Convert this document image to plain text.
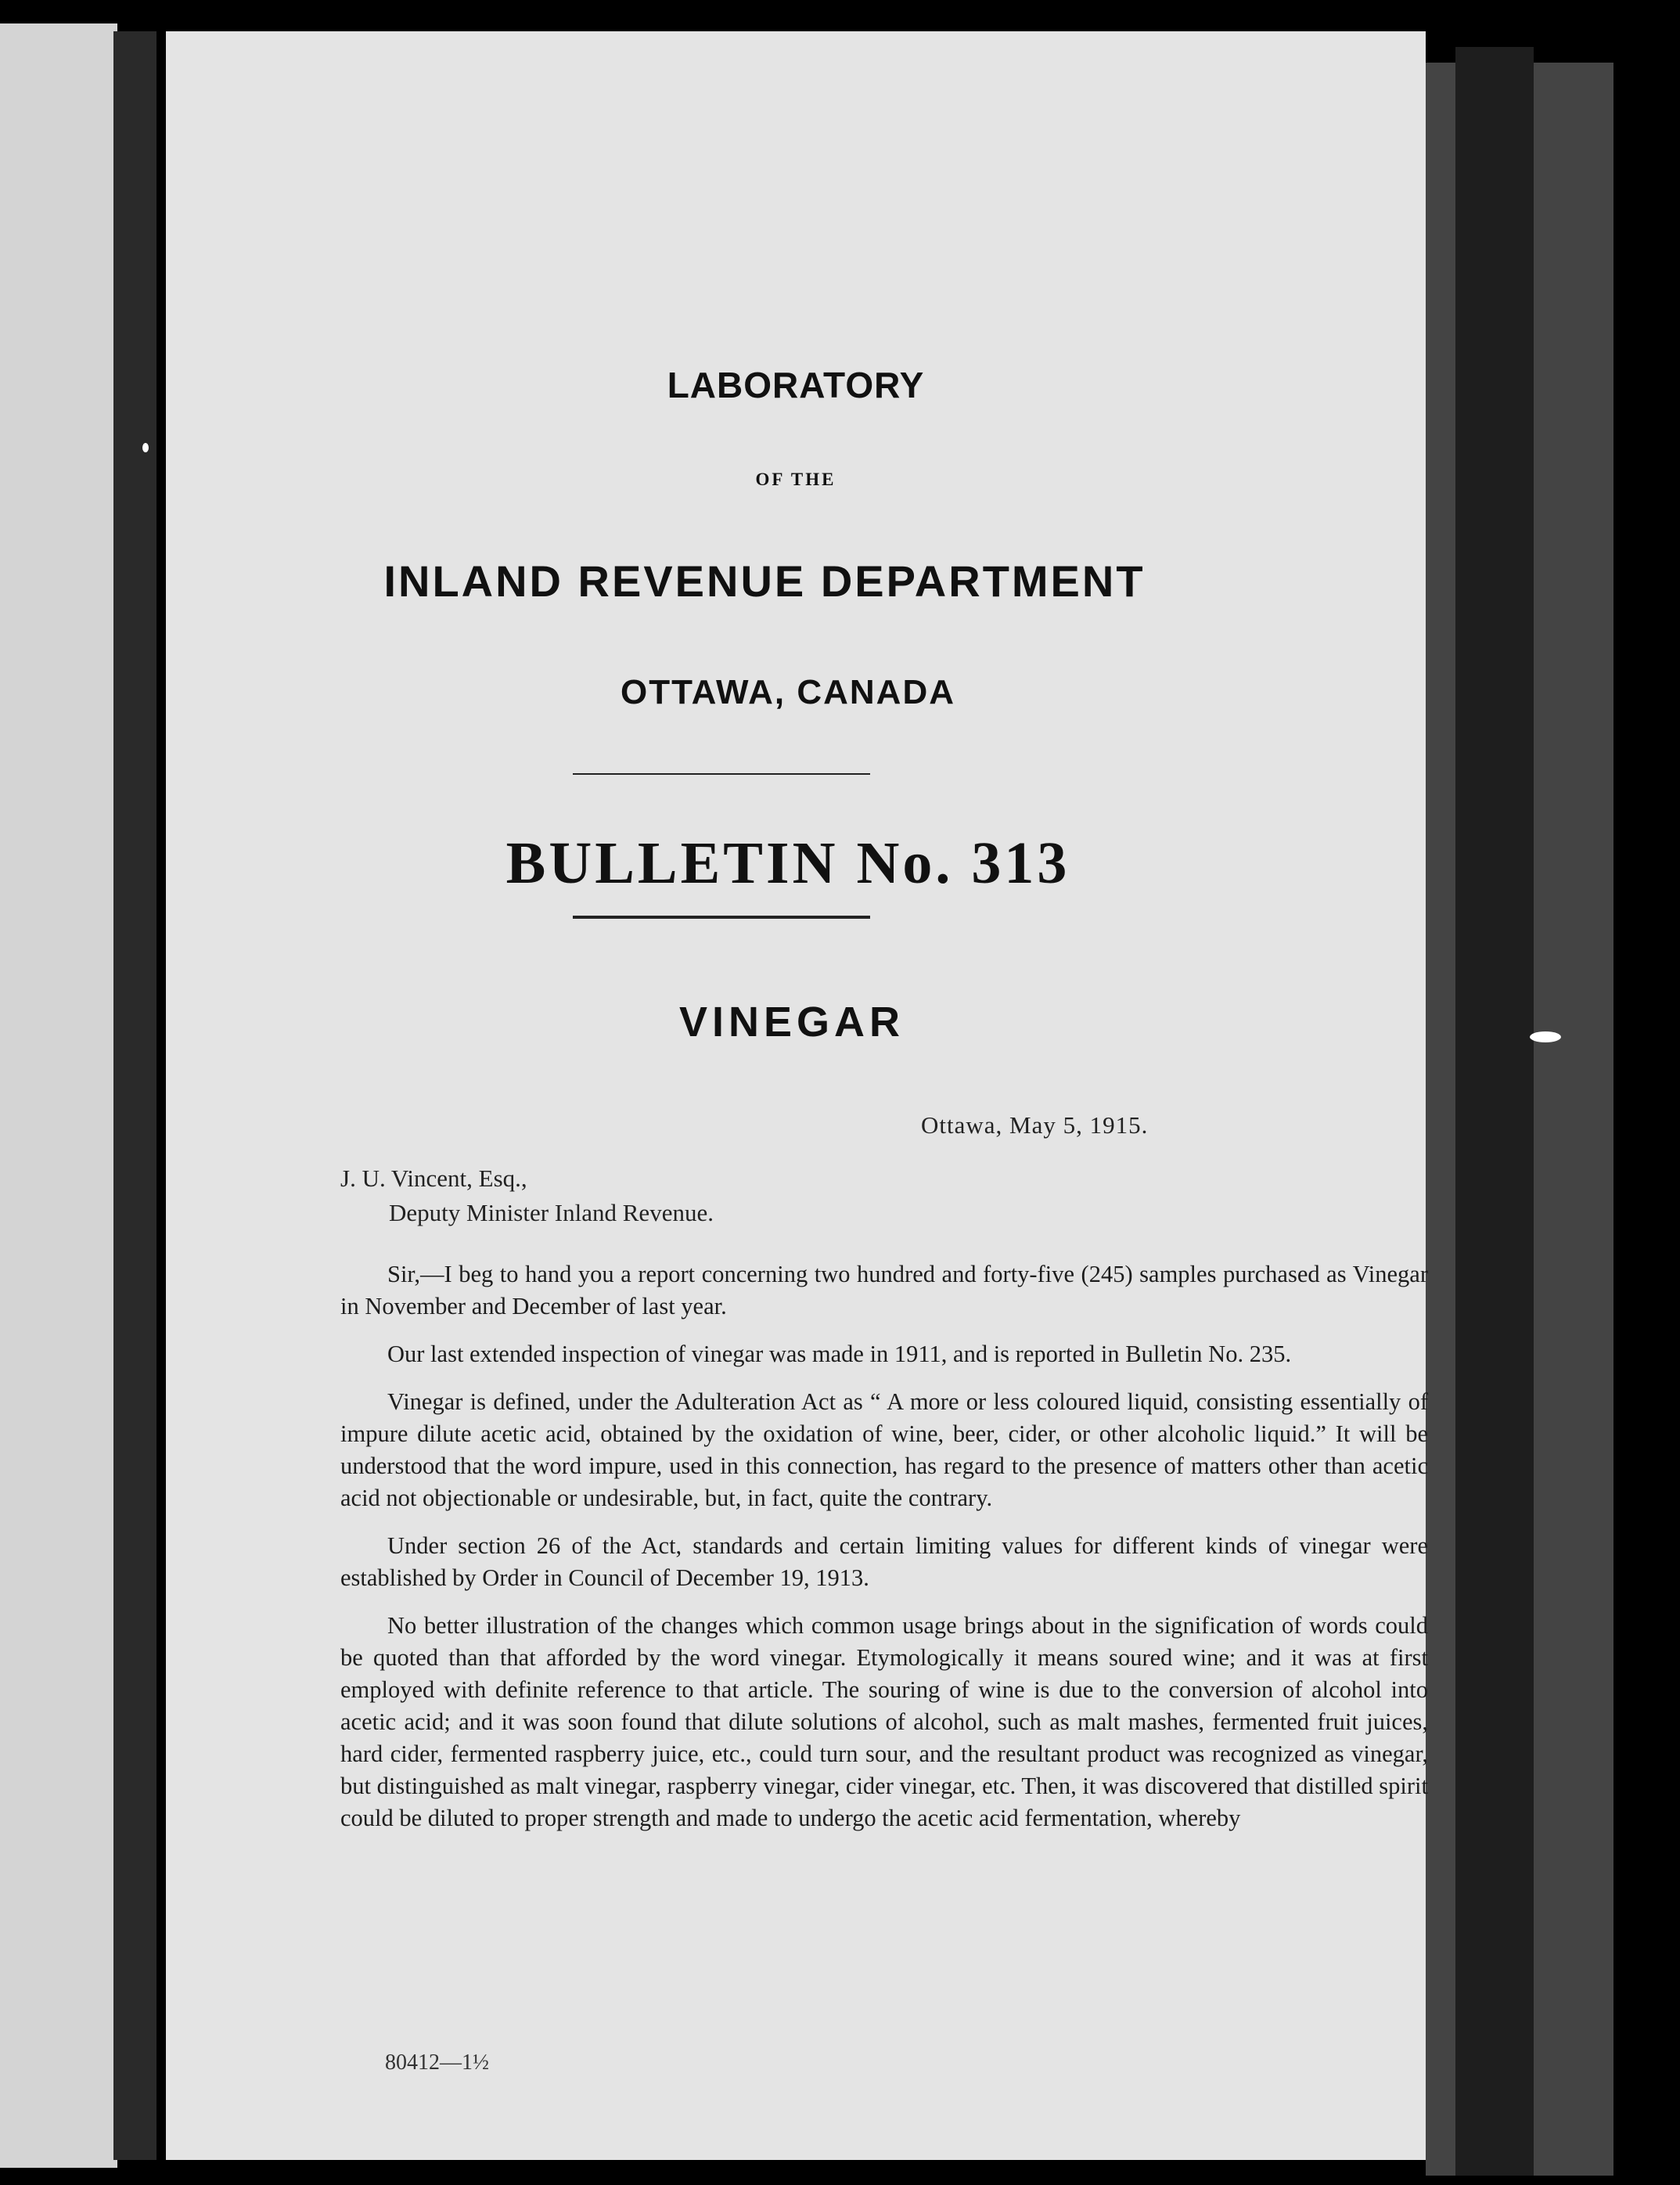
LABORATORY
OF THE
INLAND REVENUE DEPARTMENT
OTTAWA, CANADA
BULLETIN No. 313
VINEGAR
Ottawa, May 5, 1915.
J. U. Vincent, Esq.,
Deputy Minister Inland Revenue.

Sir,—I beg to hand you a report concerning two hundred and forty-five (245) samples purchased as Vinegar in November and December of last year.

Our last extended inspection of vinegar was made in 1911, and is reported in Bulletin No. 235.

Vinegar is defined, under the Adulteration Act as “ A more or less coloured liquid, consisting essentially of impure dilute acetic acid, obtained by the oxidation of wine, beer, cider, or other alcoholic liquid.” It will be understood that the word impure, used in this connection, has regard to the presence of matters other than acetic acid not objectionable or undesirable, but, in fact, quite the contrary.

Under section 26 of the Act, standards and certain limiting values for different kinds of vinegar were established by Order in Council of December 19, 1913.

No better illustration of the changes which common usage brings about in the signification of words could be quoted than that afforded by the word vinegar. Etymologically it means soured wine; and it was at first employed with definite reference to that article. The souring of wine is due to the conversion of alcohol into acetic acid; and it was soon found that dilute solutions of alcohol, such as malt mashes, fermented fruit juices, hard cider, fermented raspberry juice, etc., could turn sour, and the resultant product was recognized as vinegar, but distinguished as malt vinegar, raspberry vinegar, cider vinegar, etc. Then, it was discovered that distilled spirit could be diluted to proper strength and made to undergo the acetic acid fermentation, whereby

80412—1½
